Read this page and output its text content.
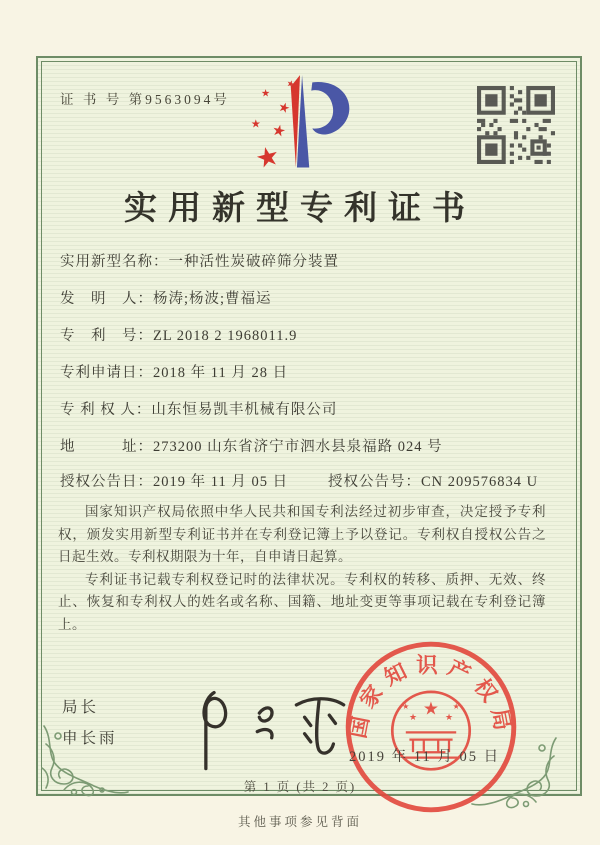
证 书 号 第9563094号
★
★
★
★
★
★
实用新型专利证书
实用新型名称： 一种活性炭破碎筛分装置
发　明　人： 杨涛;杨波;曹福运
专　利　号： ZL 2018 2 1968011.9
专利申请日： 2018 年 11 月 28 日
专 利 权 人： 山东恒易凯丰机械有限公司
地　　　址： 273200 山东省济宁市泗水县泉福路 024 号
授权公告日：2019 年 11 月 05 日	授权公告号：CN 209576834 U

国家知识产权局依照中华人民共和国专利法经过初步审查，决定授予专利权，颁发实用新型专利证书并在专利登记簿上予以登记。专利权自授权公告之日起生效。专利权期限为十年，自申请日起算。

专利证书记载专利权登记时的法律状况。专利权的转移、质押、无效、终止、恢复和专利权人的姓名或名称、国籍、地址变更等事项记载在专利登记簿上。

局长
申长雨	国家知识产权局
★
★	★
★	★
2019 年 11 月 05 日
第 1 页 (共 2 页)
其他事项参见背面
